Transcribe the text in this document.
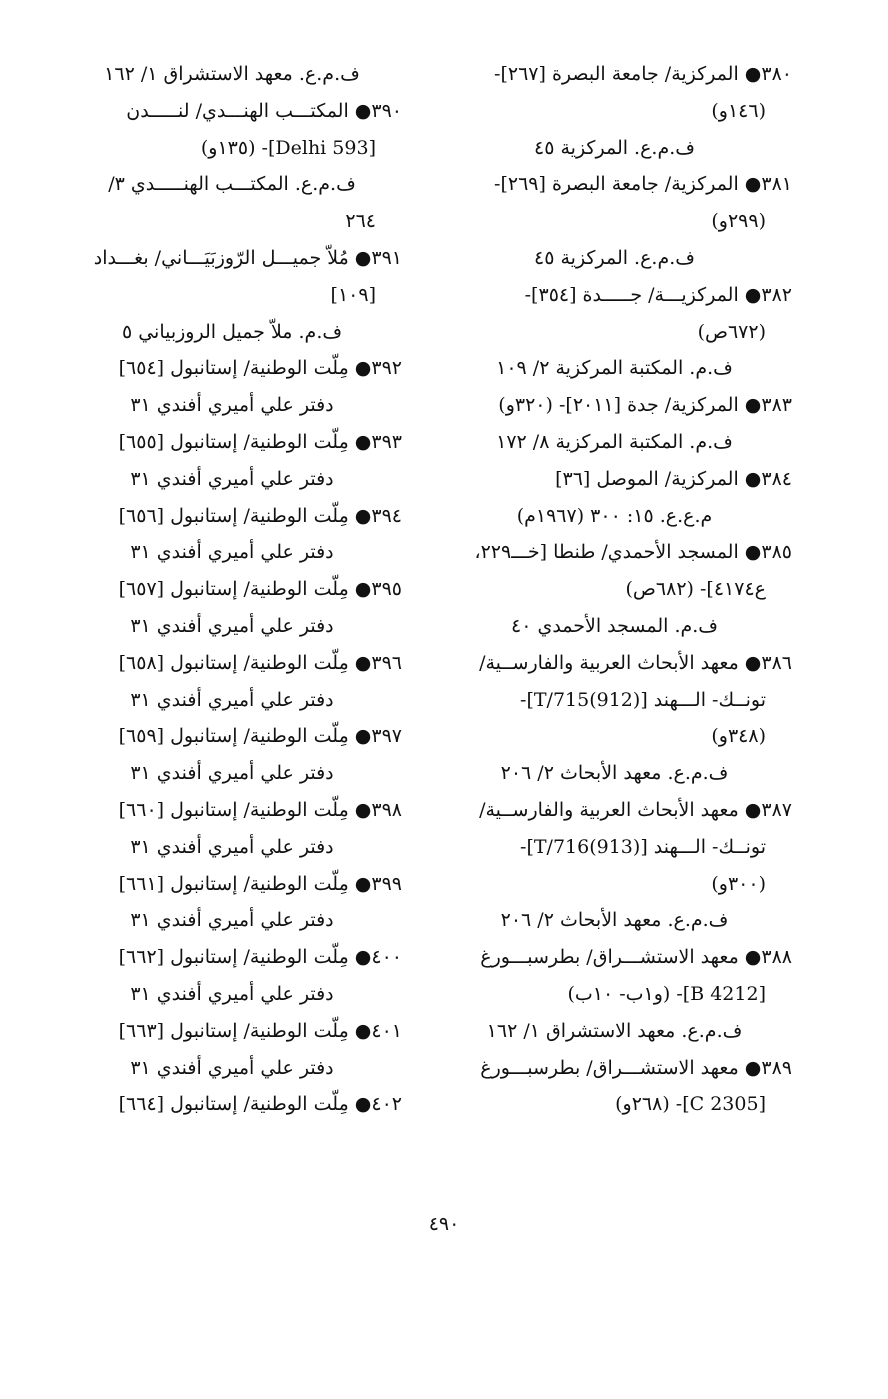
٣٨٠● المركزية/ جامعة البصرة [٢٦٧]-
(١٤٦و)
ف.م.ع. المركزية ٤٥
٣٨١● المركزية/ جامعة البصرة [٢٦٩]-
(٢٩٩و)
ف.م.ع. المركزية ٤٥
٣٨٢● المركزيـــة/ جـــــدة [٣٥٤]-
(٦٧٢ص)
ف.م. المكتبة المركزية ٢/ ١٠٩
٣٨٣● المركزية/ جدة [٢٠١١]- (٣٢٠و)
ف.م. المكتبة المركزية ٨/ ١٧٢
٣٨٤● المركزية/ الموصل [٣٦]
م.ع.ع. ١٥: ٣٠٠ (١٩٦٧م)
٣٨٥● المسجد الأحمدي/ طنطا [خـــ٢٢٩،
ع٤١٧٤]- (٦٨٢ص)
ف.م. المسجد الأحمدي ٤٠
٣٨٦● معهد الأبحاث العربية والفارســية/
تونــك- الـــهند [T/715(912)]-
(٣٤٨و)
ف.م.ع. معهد الأبحاث ٢/ ٢٠٦
٣٨٧● معهد الأبحاث العربية والفارســية/
تونــك- الـــهند [T/716(913)]-
(٣٠٠و)
ف.م.ع. معهد الأبحاث ٢/ ٢٠٦
٣٨٨● معهد الاستشـــراق/ بطرسبـــورغ
[B 4212]- (و١ب- ١٠ب)
ف.م.ع. معهد الاستشراق ١/ ١٦٢
٣٨٩● معهد الاستشـــراق/ بطرسبـــورغ
[C 2305]- (٢٦٨و)
ف.م.ع. معهد الاستشراق ١/ ١٦٢
٣٩٠● المكتـــب الهنـــدي/ لنـــــدن
[Delhi 593]- (١٣٥و)
ف.م.ع. المكتـــب الهنـــــدي ٣/
٢٦٤
٣٩١● مُلاّ جميـــل الرّوزبَيَـــاني/ بغـــداد
[١٠٩]
ف.م. ملاّ جميل الروزبياني ٥
٣٩٢● مِلّت الوطنية/ إستانبول [٦٥٤]
دفتر علي أميري أفندي ٣١
٣٩٣● مِلّت الوطنية/ إستانبول [٦٥٥]
دفتر علي أميري أفندي ٣١
٣٩٤● مِلّت الوطنية/ إستانبول [٦٥٦]
دفتر علي أميري أفندي ٣١
٣٩٥● مِلّت الوطنية/ إستانبول [٦٥٧]
دفتر علي أميري أفندي ٣١
٣٩٦● مِلّت الوطنية/ إستانبول [٦٥٨]
دفتر علي أميري أفندي ٣١
٣٩٧● مِلّت الوطنية/ إستانبول [٦٥٩]
دفتر علي أميري أفندي ٣١
٣٩٨● مِلّت الوطنية/ إستانبول [٦٦٠]
دفتر علي أميري أفندي ٣١
٣٩٩● مِلّت الوطنية/ إستانبول [٦٦١]
دفتر علي أميري أفندي ٣١
٤٠٠● مِلّت الوطنية/ إستانبول [٦٦٢]
دفتر علي أميري أفندي ٣١
٤٠١● مِلّت الوطنية/ إستانبول [٦٦٣]
دفتر علي أميري أفندي ٣١
٤٠٢● مِلّت الوطنية/ إستانبول [٦٦٤]
٤٩٠
